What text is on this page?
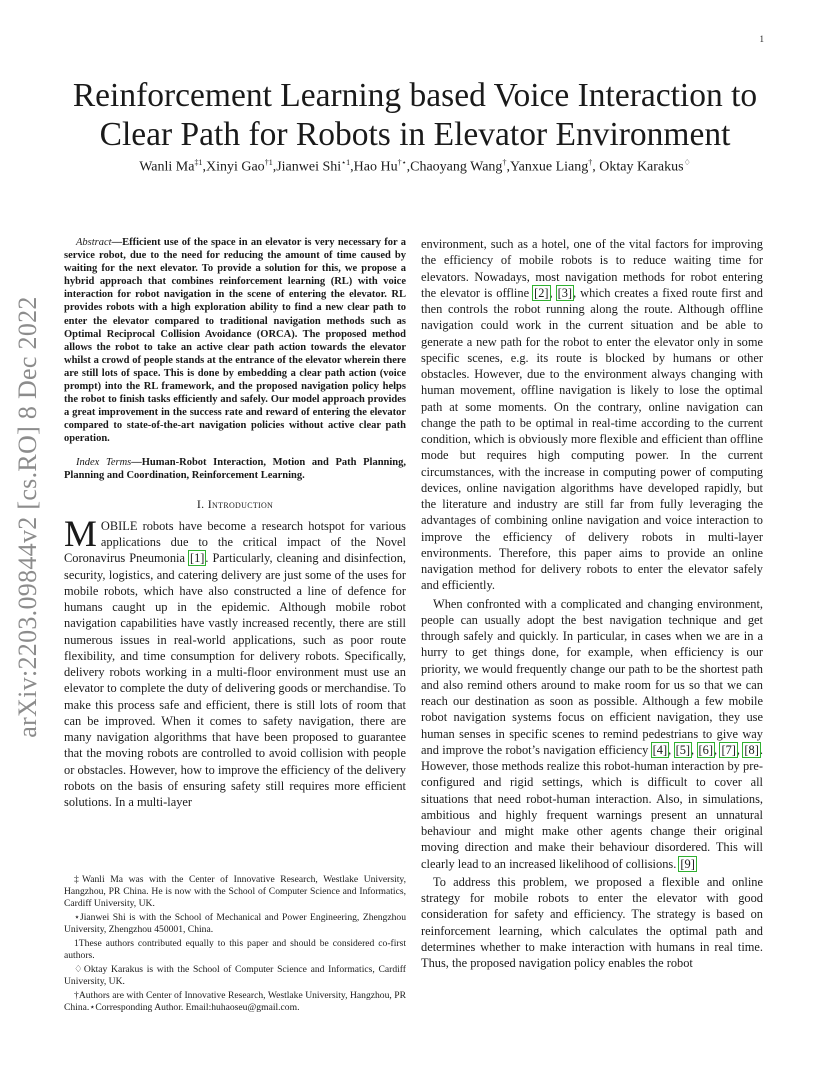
1
arXiv:2203.09844v2 [cs.RO] 8 Dec 2022
Reinforcement Learning based Voice Interaction to
Clear Path for Robots in Elevator Environment
Wanli Ma$^{\ddagger 1}$,Xinyi Gao$^{\dagger 1}$,Jianwei Shi$^{⋆1}$,Hao Hu†⋆,Chaoyang Wang†,Yanxue Liang†, Oktay Karakus♢

Abstract—Efficient use of the space in an elevator is very necessary for a service robot, due to the need for reducing the amount of time caused by waiting for the next elevator. To provide a solution for this, we propose a hybrid approach that combines reinforcement learning (RL) with voice interaction for robot navigation in the scene of entering the elevator. RL provides robots with a high exploration ability to find a new clear path to enter the elevator compared to traditional navigation methods such as Optimal Reciprocal Collision Avoidance (ORCA). The proposed method allows the robot to take an active clear path action towards the elevator whilst a crowd of people stands at the entrance of the elevator wherein there are still lots of space. This is done by embedding a clear path action (voice prompt) into the RL framework, and the proposed navigation policy helps the robot to finish tasks efficiently and safely. Our model approach provides a great improvement in the success rate and reward of entering the elevator compared to state-of-the-art navigation policies without active clear path operation.

Index Terms—Human-Robot Interaction, Motion and Path Planning, Planning and Coordination, Reinforcement Learning.

I. Introduction

MOBILE robots have become a research hotspot for various applications due to the critical impact of the Novel Coronavirus Pneumonia [1]. Particularly, cleaning and disinfection, security, logistics, and catering delivery are just some of the uses for mobile robots, which have also constructed a line of defence for humans caught up in the epidemic. Although mobile robot navigation capabilities have vastly increased recently, there are still numerous issues in real-world applications, such as poor route flexibility, and time consumption for delivery robots. Specifically, delivery robots working in a multi-floor environment must use an elevator to complete the duty of delivering goods or merchandise. To make this process safe and efficient, there is still lots of room that can be improved. When it comes to safety navigation, there are many navigation algorithms that have been proposed to guarantee that the moving robots are controlled to avoid collision with people or obstacles. However, how to improve the efficiency of the delivery robots on the basis of ensuring safety still requires more efficient solutions. In a multi-layer

environment, such as a hotel, one of the vital factors for improving the efficiency of mobile robots is to reduce waiting time for elevators. Nowadays, most navigation methods for robot entering the elevator is offline [2], [3], which creates a fixed route first and then controls the robot running along the route. Although offline navigation could work in the current situation and be able to generate a new path for the robot to enter the elevator only in some specific scenes, e.g. its route is blocked by humans or other obstacles. However, due to the environment always changing with human movement, offline navigation is likely to lose the optimal path at some moments. On the contrary, online navigation can change the path to be optimal in real-time according to the current condition, which is obviously more flexible and efficient than offline mode but requires high computing power. In the current circumstances, with the increase in computing power of computing devices, online navigation algorithms have developed rapidly, but the literature and industry are still far from fully leveraging the advantages of combining online navigation and voice interaction to improve the efficiency of delivery robots in multi-layer environments. Therefore, this paper aims to provide an online navigation method for delivery robots to enter the elevator safely and efficiently.

When confronted with a complicated and changing environment, people can usually adopt the best navigation technique and get through safely and quickly. In particular, in cases when we are in a hurry to get things done, for example, when efficiency is our priority, we would frequently change our path to be the shortest path and also remind others around to make room for us so that we can reach our destination as soon as possible. Although a few mobile robot navigation systems focus on efficient navigation, they use human senses in specific scenes to remind pedestrians to give way and improve the robot’s navigation efficiency [4], [5], [6], [7], [8]. However, those methods realize this robot-human interaction by pre-configured and rigid settings, which is difficult to cover all situations that need robot-human interaction. Also, in simulations, ambitious and highly frequent warnings present an unnatural behaviour and might make other agents change their original moving direction and make their behaviour disordered. This will clearly lead to an increased likelihood of collisions. [9]

To address this problem, we proposed a flexible and online strategy for mobile robots to enter the elevator with good consideration for safety and efficiency. The strategy is based on reinforcement learning, which calculates the optimal path and determines whether to make interaction with humans in real time. Thus, the proposed navigation policy enables the robot

‡Wanli Ma was with the Center of Innovative Research, Westlake University, Hangzhou, PR China. He is now with the School of Computer Science and Informatics, Cardiff University, UK.

⋆Jianwei Shi is with the School of Mechanical and Power Engineering, Zhengzhou University, Zhengzhou 450001, China.

1These authors contributed equally to this paper and should be considered co-first authors.

♢Oktay Karakus is with the School of Computer Science and Informatics, Cardiff University, UK.

†Authors are with Center of Innovative Research, Westlake University, Hangzhou, PR China.⋆Corresponding Author. Email:huhaoseu@gmail.com.
